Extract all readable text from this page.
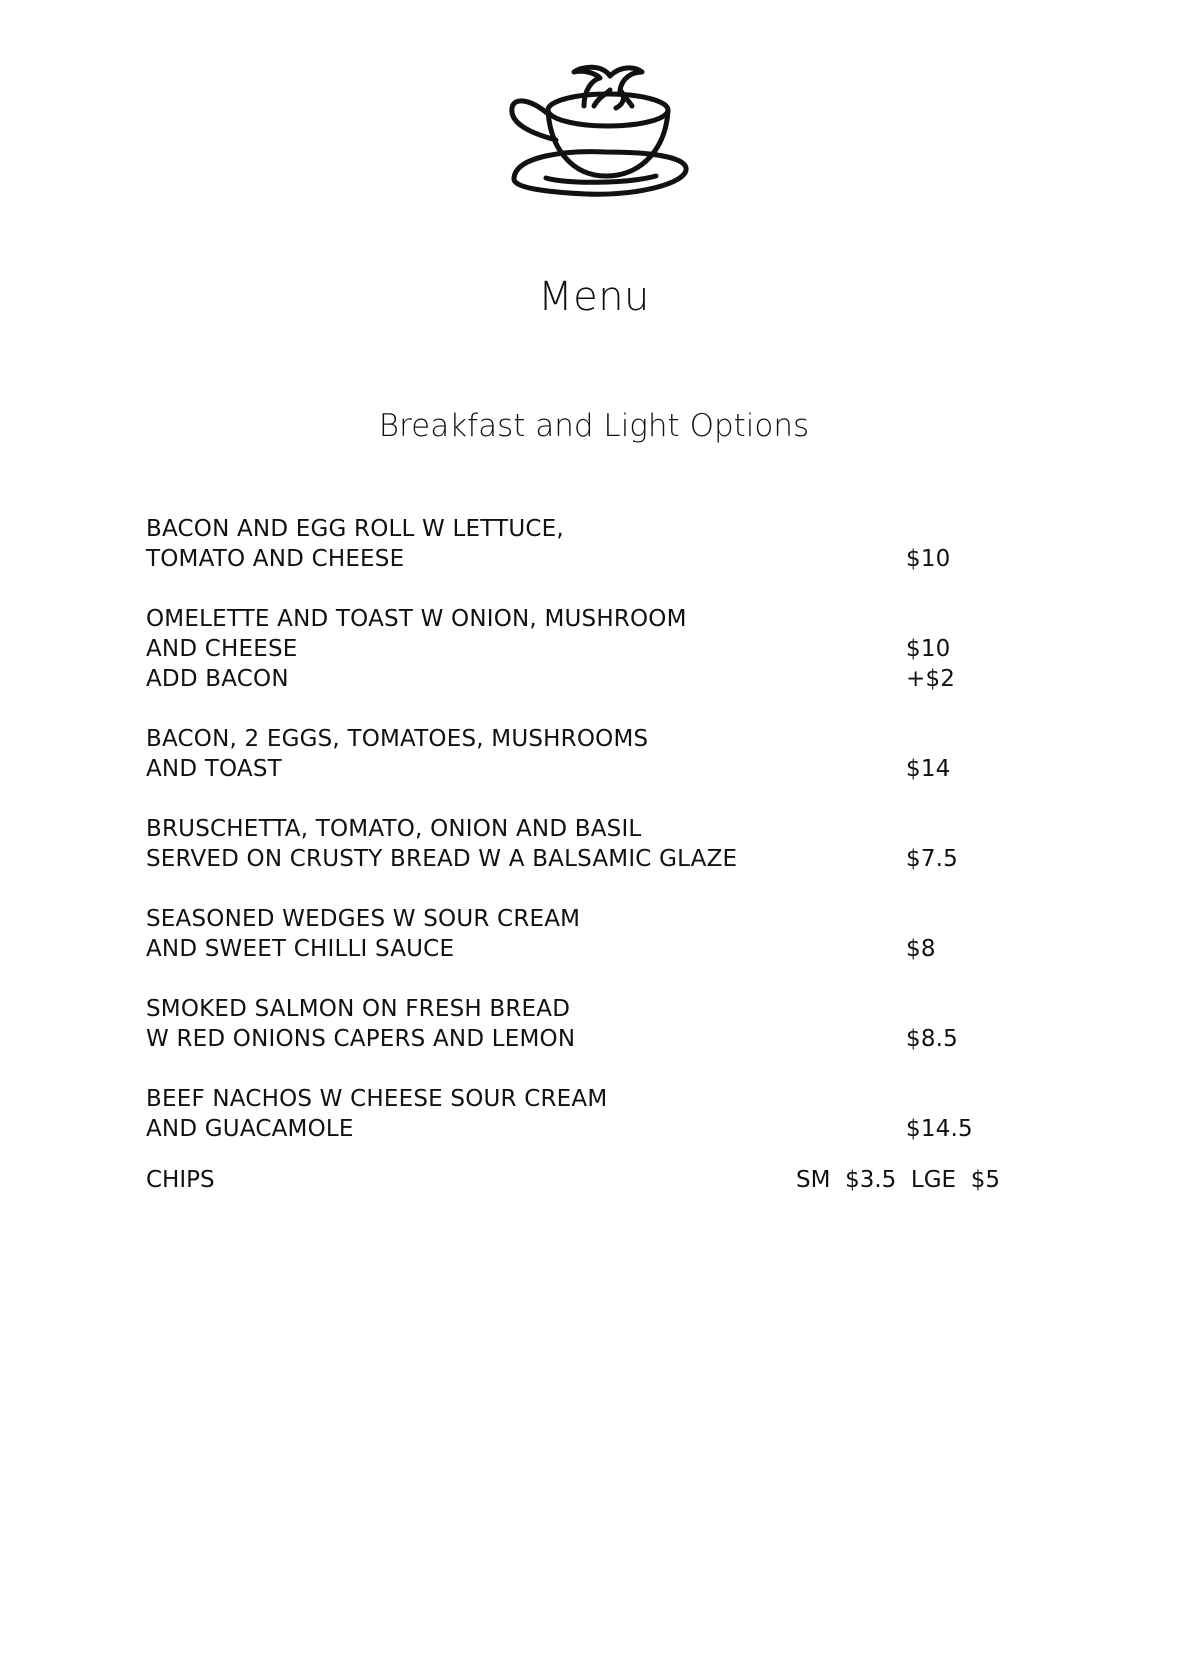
Menu
Breakfast and Light Options
BACON AND EGG ROLL W LETTUCE,
TOMATO AND CHEESE	$10
OMELETTE AND TOAST W ONION, MUSHROOM
AND CHEESE	$10
ADD BACON	+$2
BACON, 2 EGGS, TOMATOES, MUSHROOMS
AND TOAST	$14
BRUSCHETTA, TOMATO, ONION AND BASIL
SERVED ON CRUSTY BREAD W A BALSAMIC GLAZE	$7.5
SEASONED WEDGES W SOUR CREAM
AND SWEET CHILLI SAUCE	$8
SMOKED SALMON ON FRESH BREAD
W RED ONIONS CAPERS AND LEMON	$8.5
BEEF NACHOS W CHEESE SOUR CREAM
AND GUACAMOLE	$14.5
CHIPS	SM  $3.5  LGE  $5
